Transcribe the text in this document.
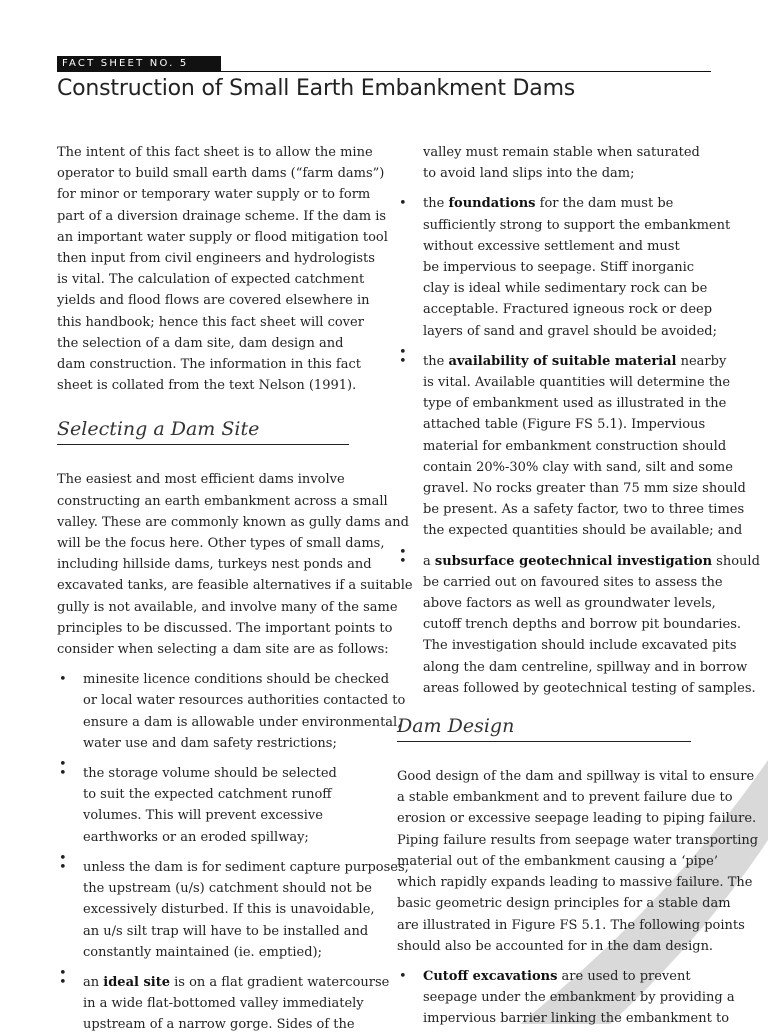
FACT SHEET NO. 5
Construction of Small Earth Embankment Dams
The intent of this fact sheet is to allow the mine
operator to build small earth dams (“farm dams”)
for minor or temporary water supply or to form
part of a diversion drainage scheme. If the dam is
an important water supply or flood mitigation tool
then input from civil engineers and hydrologists
is vital. The calculation of expected catchment
yields and flood flows are covered elsewhere in
this handbook; hence this fact sheet will cover
the selection of a dam site, dam design and
dam construction. The information in this fact
sheet is collated from the text Nelson (1991).
Selecting a Dam Site
The easiest and most efficient dams involve
constructing an earth embankment across a small
valley. These are commonly known as gully dams and
will be the focus here. Other types of small dams,
including hillside dams, turkeys nest ponds and
excavated tanks, are feasible alternatives if a suitable
gully is not available, and involve many of the same
principles to be discussed. The important points to
consider when selecting a dam site are as follows:
• minesite licence conditions should be checked
or local water resources authorities contacted to
ensure a dam is allowable under environmental,
water use and dam safety restrictions;
•
• the storage volume should be selected
to suit the expected catchment runoff
volumes. This will prevent excessive
earthworks or an eroded spillway;
•
• unless the dam is for sediment capture purposes,
the upstream (u/s) catchment should not be
excessively disturbed. If this is unavoidable,
an u/s silt trap will have to be installed and
constantly maintained (ie. emptied);
•
• an ideal site is on a flat gradient watercourse
in a wide flat-bottomed valley immediately
upstream of a narrow gorge. Sides of the
valley must remain stable when saturated
to avoid land slips into the dam;
• the foundations for the dam must be
sufficiently strong to support the embankment
without excessive settlement and must
be impervious to seepage. Stiff inorganic
clay is ideal while sedimentary rock can be
acceptable. Fractured igneous rock or deep
layers of sand and gravel should be avoided;
•
• the availability of suitable material nearby
is vital. Available quantities will determine the
type of embankment used as illustrated in the
attached table (Figure FS 5.1). Impervious
material for embankment construction should
contain 20%-30% clay with sand, silt and some
gravel. No rocks greater than 75 mm size should
be present. As a safety factor, two to three times
the expected quantities should be available; and
•
• a subsurface geotechnical investigation should
be carried out on favoured sites to assess the
above factors as well as groundwater levels,
cutoff trench depths and borrow pit boundaries.
The investigation should include excavated pits
along the dam centreline, spillway and in borrow
areas followed by geotechnical testing of samples.
Dam Design
Good design of the dam and spillway is vital to ensure
a stable embankment and to prevent failure due to
erosion or excessive seepage leading to piping failure.
Piping failure results from seepage water transporting
material out of the embankment causing a ‘pipe’
which rapidly expands leading to massive failure. The
basic geometric design principles for a stable dam
are illustrated in Figure FS 5.1. The following points
should also be accounted for in the dam design.
• Cutoff excavations are used to prevent
seepage under the embankment by providing a
impervious barrier linking the embankment to
